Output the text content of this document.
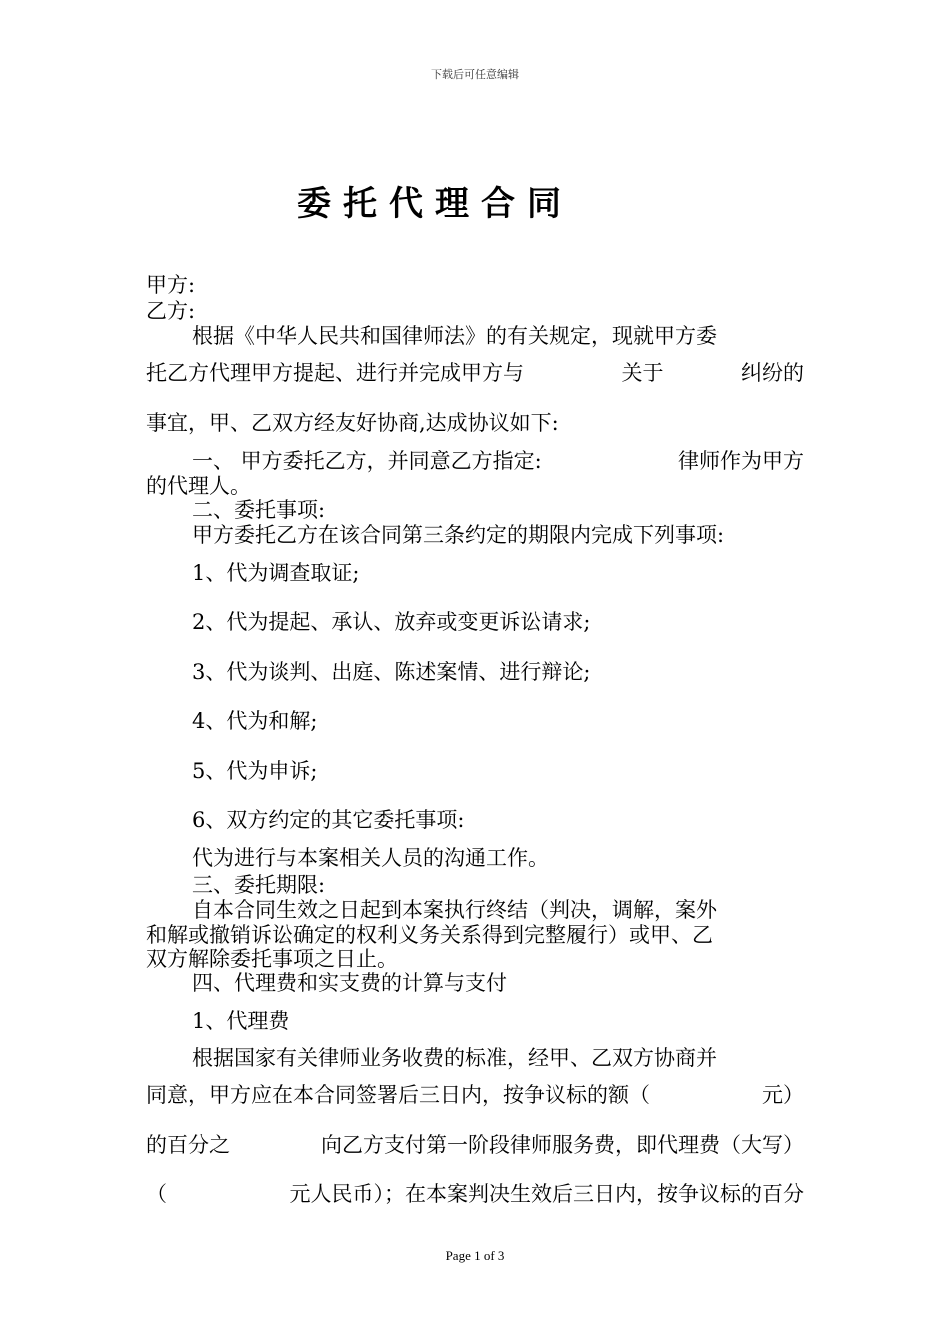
下载后可任意编辑
委托代理合同
甲方:
乙方:
根据《中华人民共和国律师法》的有关规定，现就甲方委
托乙方代理甲方提起、进行并完成甲方与	关于	纠纷的
事宜，甲、乙双方经友好协商,达成协议如下:
一、 甲方委托乙方，并同意乙方指定:	律师作为甲方
的代理人。
二、委托事项:
甲方委托乙方在该合同第三条约定的期限内完成下列事项:
1、代为调查取证;
2、代为提起、承认、放弃或变更诉讼请求;
3、代为谈判、出庭、陈述案情、进行辩论;
4、代为和解;
5、代为申诉;
6、双方约定的其它委托事项:
代为进行与本案相关人员的沟通工作。
三、委托期限:
自本合同生效之日起到本案执行终结（判决，调解，案外
和解或撤销诉讼确定的权利义务关系得到完整履行）或甲、乙
双方解除委托事项之日止。
四、代理费和实支费的计算与支付
1、代理费
根据国家有关律师业务收费的标准，经甲、乙双方协商并
同意，甲方应在本合同签署后三日内，按争议标的额（	元）
的百分之	向乙方支付第一阶段律师服务费，即代理费（大写）
（	元人民币）；在本案判决生效后三日内，按争议标的百分
Page 1 of 3
